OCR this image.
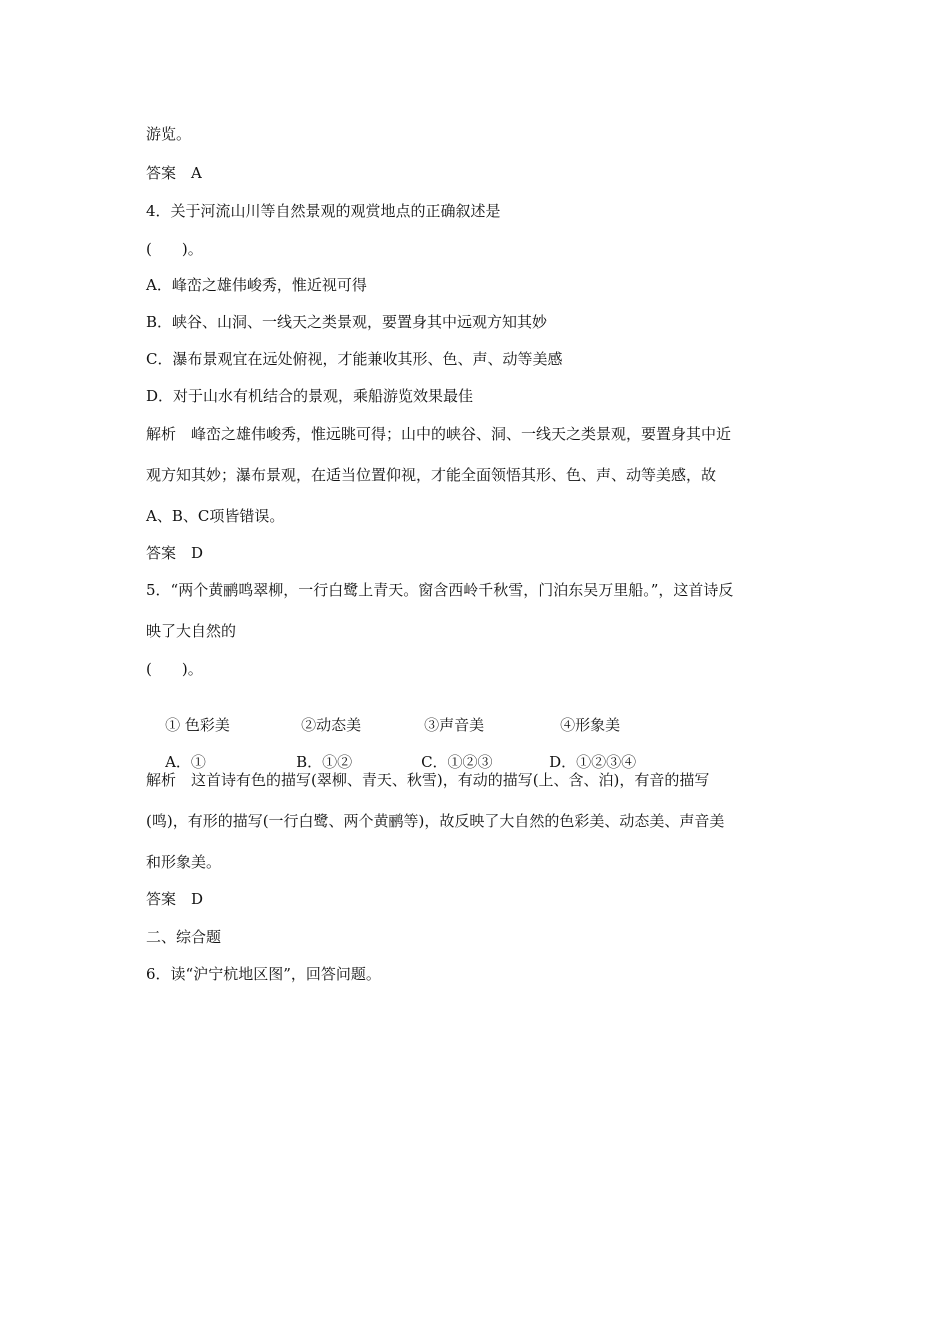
游览。
答案　A
4．关于河流山川等自然景观的观赏地点的正确叙述是
(　　)。
A．峰峦之雄伟峻秀，惟近视可得
B．峡谷、山洞、一线天之类景观，要置身其中远观方知其妙
C．瀑布景观宜在远处俯视，才能兼收其形、色、声、动等美感
D．对于山水有机结合的景观，乘船游览效果最佳
解析　峰峦之雄伟峻秀，惟远眺可得；山中的峡谷、洞、一线天之类景观，要置身其中近
观方知其妙；瀑布景观，在适当位置仰视，才能全面领悟其形、色、声、动等美感，故
A、B、C项皆错误。
答案　D
5．“两个黄鹂鸣翠柳，一行白鹭上青天。窗含西岭千秋雪，门泊东吴万里船。”，这首诗反
映了大自然的
(　　)。

① 色彩美	②动态美	③声音美	④形象美

A．①	B．①②	C．①②③	D．①②③④

解析　这首诗有色的描写(翠柳、青天、秋雪)，有动的描写(上、含、泊)，有音的描写
(鸣)，有形的描写(一行白鹭、两个黄鹂等)，故反映了大自然的色彩美、动态美、声音美
和形象美。
答案　D
二、综合题
6．读“沪宁杭地区图”，回答问题。
